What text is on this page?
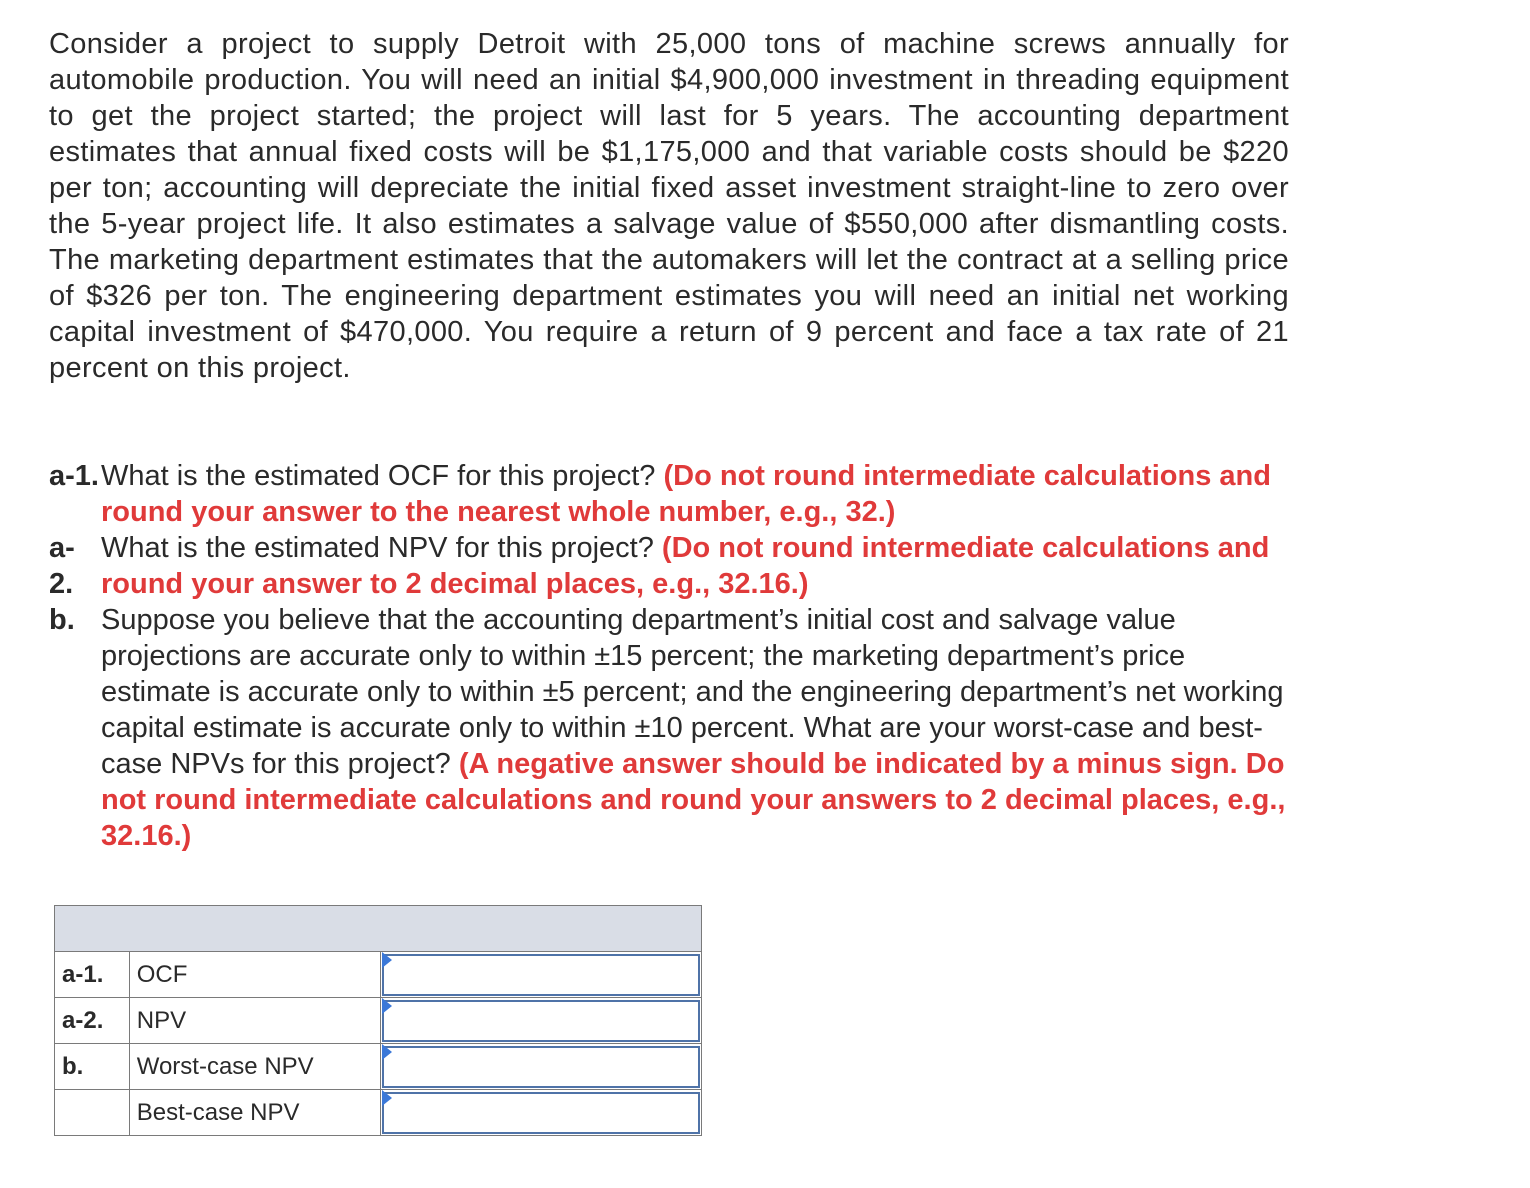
Consider a project to supply Detroit with 25,000 tons of machine screws annually for automobile production. You will need an initial $4,900,000 investment in threading equipment to get the project started; the project will last for 5 years. The accounting department estimates that annual fixed costs will be $1,175,000 and that variable costs should be $220 per ton; accounting will depreciate the initial fixed asset investment straight-line to zero over the 5-year project life. It also estimates a salvage value of $550,000 after dismantling costs. The marketing department estimates that the automakers will let the contract at a selling price of $326 per ton. The engineering department estimates you will need an initial net working capital investment of $470,000. You require a return of 9 percent and face a tax rate of 21 percent on this project.

a-1. What is the estimated OCF for this project? (Do not round intermediate calculations and round your answer to the nearest whole number, e.g., 32.)
a-
2.
What is the estimated NPV for this project? (Do not round intermediate calculations and round your answer to 2 decimal places, e.g., 32.16.)
b. Suppose you believe that the accounting department’s initial cost and salvage value projections are accurate only to within ±15 percent; the marketing department’s price estimate is accurate only to within ±5 percent; and the engineering department’s net working capital estimate is accurate only to within ±10 percent. What are your worst-case and best-case NPVs for this project? (A negative answer should be indicated by a minus sign. Do not round intermediate calculations and round your answers to 2 decimal places, e.g., 32.16.)

a-1.	OCF	

a-2.	NPV	

b.	Worst-case NPV	

	Best-case NPV	
